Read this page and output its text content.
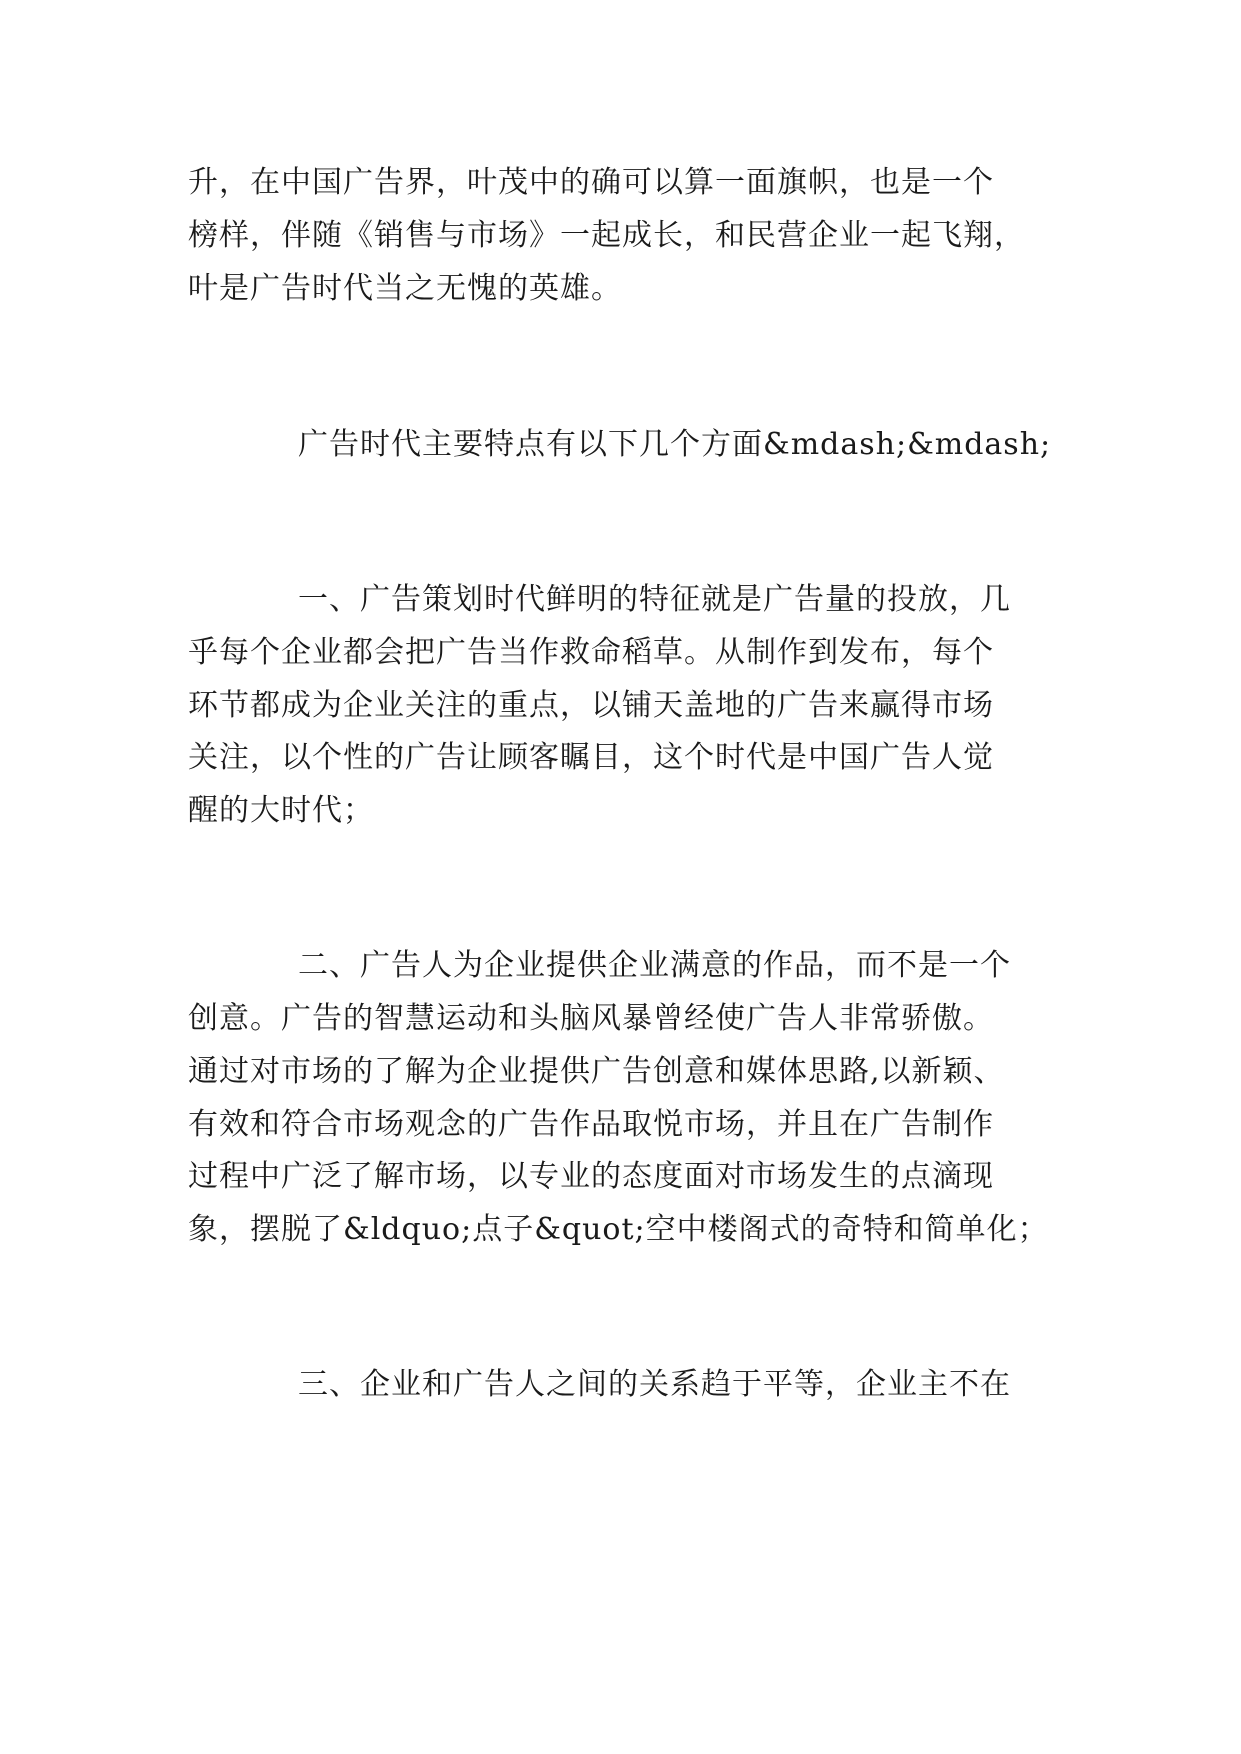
升，在中国广告界，叶茂中的确可以算一面旗帜，也是一个
榜样，伴随《销售与市场》一起成长，和民营企业一起飞翔，
叶是广告时代当之无愧的英雄。
广告时代主要特点有以下几个方面&mdash;&mdash;
一、广告策划时代鲜明的特征就是广告量的投放，几
乎每个企业都会把广告当作救命稻草。从制作到发布，每个
环节都成为企业关注的重点，以铺天盖地的广告来赢得市场
关注，以个性的广告让顾客瞩目，这个时代是中国广告人觉
醒的大时代；
二、广告人为企业提供企业满意的作品，而不是一个
创意。广告的智慧运动和头脑风暴曾经使广告人非常骄傲。
通过对市场的了解为企业提供广告创意和媒体思路,以新颖、
有效和符合市场观念的广告作品取悦市场，并且在广告制作
过程中广泛了解市场，以专业的态度面对市场发生的点滴现
象，摆脱了&ldquo;点子&quot;空中楼阁式的奇特和简单化；
三、企业和广告人之间的关系趋于平等，企业主不在
